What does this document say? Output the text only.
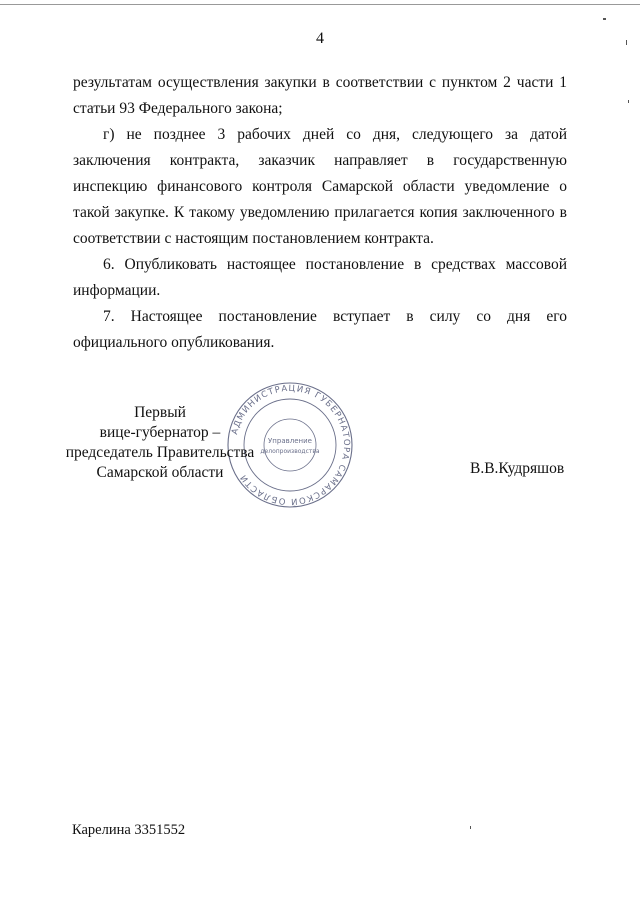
4

результатам осуществления закупки в соответствии с пунктом 2 части 1 статьи 93 Федерального закона;

г) не позднее 3 рабочих дней со дня, следующего за датой заключения контракта, заказчик направляет в государственную инспекцию финансового контроля Самарской области уведомление о такой закупке. К такому уведомлению прилагается копия заключенного в соответствии с настоящим постановлением контракта.

6. Опубликовать настоящее постановление в средствах массовой информации.

7. Настоящее постановление вступает в силу со дня его официального опубликования.

АДМИНИСТРАЦИЯ ГУБЕРНАТОРА САМАРСКОЙ ОБЛАСТИ
Управление
делопроизводства
Первый
вице-губернатор –
председатель Правительства
Самарской области	В.В.Кудряшов
Карелина 3351552
